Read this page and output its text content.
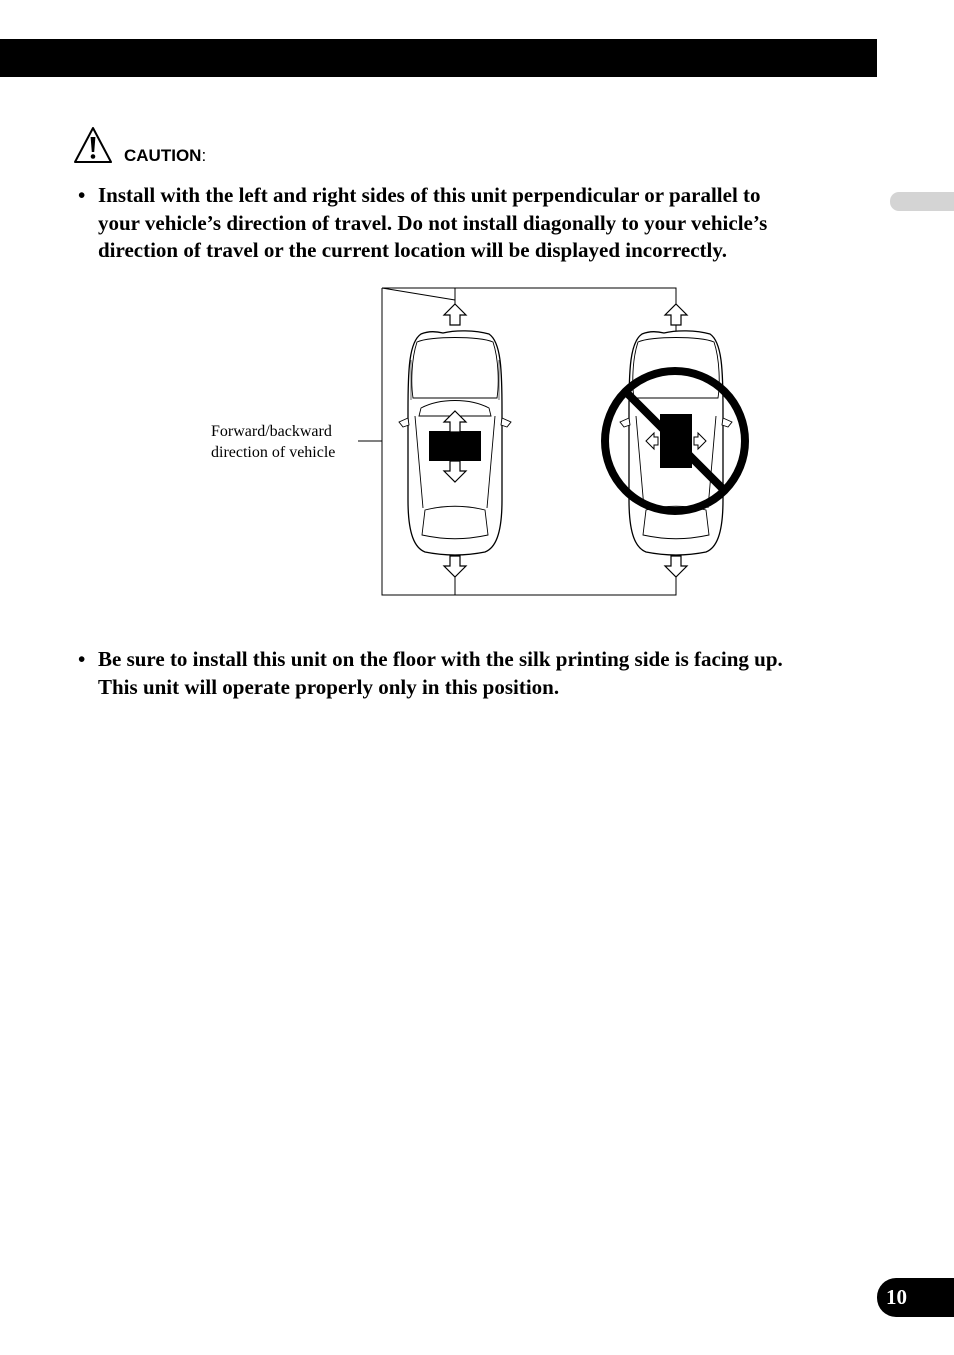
CAUTION:
• Install with the left and right sides of this unit perpendicular or parallel to
your vehicle’s direction of travel. Do not install diagonally to your vehicle’s
direction of travel or the current location will be displayed incorrectly.
Forward/backward
direction of vehicle
• Be sure to install this unit on the floor with the silk printing side is facing up.
This unit will operate properly only in this position.
10
